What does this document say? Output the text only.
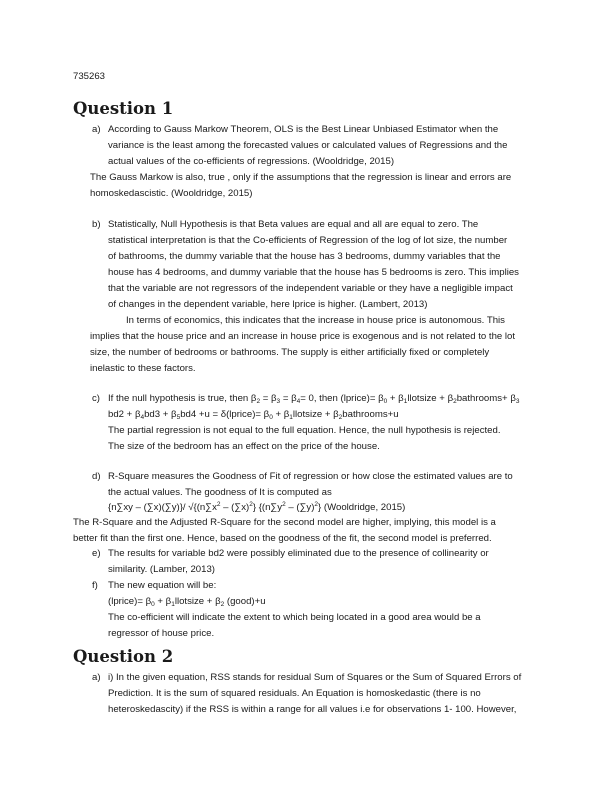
735263

Question 1

a) According to Gauss Markow Theorem, OLS is the Best Linear Unbiased Estimator when the

variance is the least among the forecasted values or calculated values of Regressions and the

actual values of the co-efficients of regressions. (Wooldridge, 2015)

The Gauss Markow is also, true , only if the assumptions that the regression is linear and errors are

homoskedascistic. (Wooldridge, 2015)

b) Statistically, Null Hypothesis is that Beta values are equal and all are equal to zero. The

statistical interpretation is that the Co-efficients of Regression of the log of lot size, the number

of bathrooms, the dummy variable that the house has 3 bedrooms, dummy variables that the

house has 4 bedrooms, and dummy variable that the house has 5 bedrooms is zero. This implies

that the variable are not regressors of the independent variable or they have a negligible impact

of changes in the dependent variable, here lprice is higher. (Lambert, 2013)

In terms of economics, this indicates that the increase in house price is autonomous. This

implies that the house price and an increase in house price is exogenous and is not related to the lot

size, the number of bedrooms or bathrooms. The supply is either artificially fixed or completely

inelastic to these factors.

c) If the null hypothesis is true, then $\beta_2 = \beta_3 = \beta_4= 0$, then (lprice)= $\beta_0$ + $\beta_1llotsize$ + $\beta_2bathrooms+ \beta_3$

$bd2 + \beta_4bd3 + \beta_5bd4 +u$ = δ(lprice)= $\beta_0$ + $\beta_1llotsize$ + $\beta_2bathrooms+u$

The partial regression is not equal to the full equation. Hence, the null hypothesis is rejected.

The size of the bedroom has an effect on the price of the house.

d) R-Square measures the Goodness of Fit of regression or how close the estimated values are to

the actual values. The goodness of It is computed as

{n∑xy – (∑x)(∑y)}/ $√\{(n\sum x^2 - (\sum x)^2\}$ {$(n\sum y^2 - (\sum y)^2\}$ (Wooldridge, 2015)

The R-Square and the Adjusted R-Square for the second model are higher, implying, this model is a

better fit than the first one. Hence, based on the goodness of the fit, the second model is preferred.

e) The results for variable bd2 were possibly eliminated due to the presence of collinearity or

similarity. (Lamber, 2013)

f) The new equation will be:

(lprice)= $\beta_0$ + $\beta_1llotsize + \beta_2$ (good)+u

The co-efficient will indicate the extent to which being located in a good area would be a

regressor of house price.

Question 2

a) i) In the given equation, RSS stands for residual Sum of Squares or the Sum of Squared Errors of

Prediction. It is the sum of squared residuals. An Equation is homoskedastic (there is no

heteroskedascity) if the RSS is within a range for all values i.e for observations 1- 100. However,
